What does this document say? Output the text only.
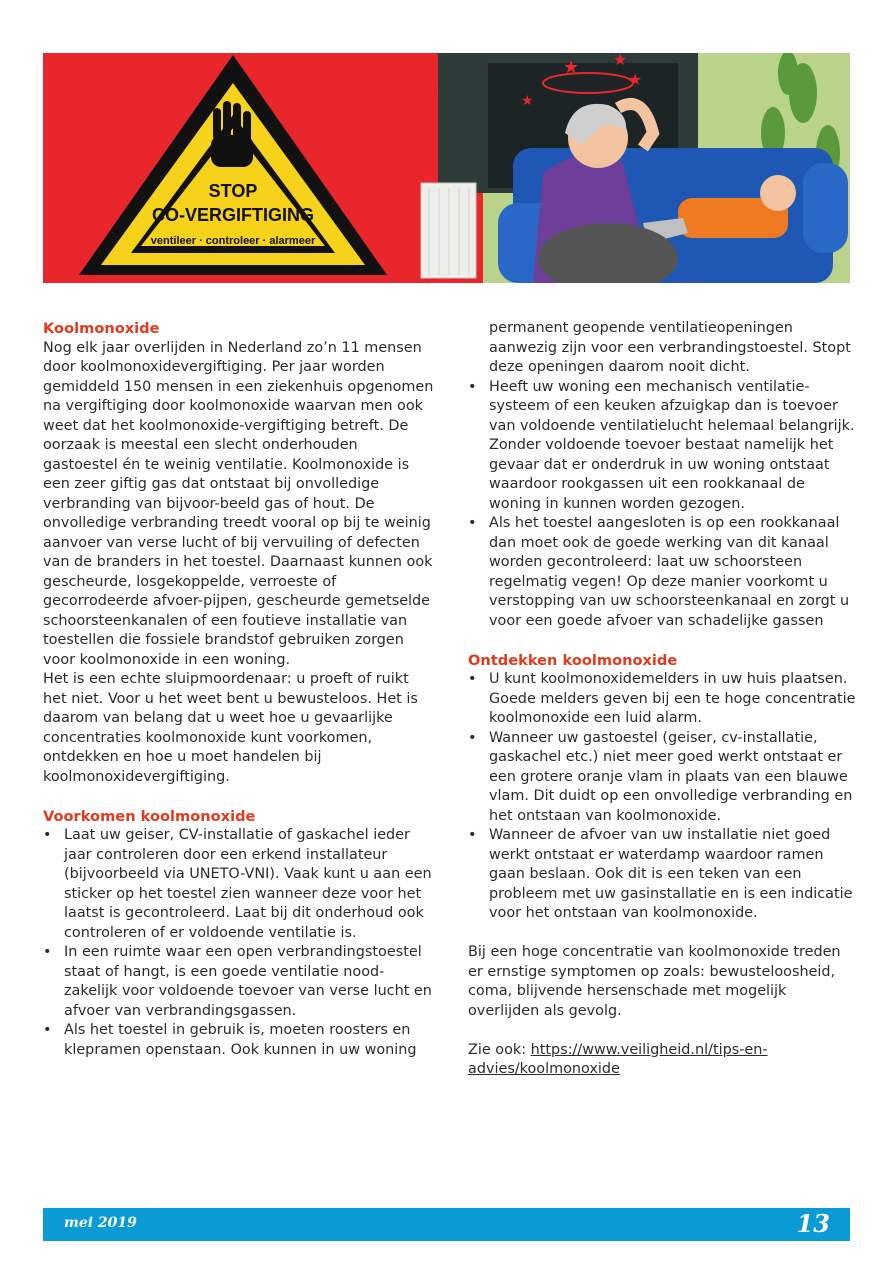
★ ★
★
★
STOP
CO-VERGIFTIGING
ventileer · controleer · alarmeer
Koolmonoxide

Nog elk jaar overlijden in Nederland zo’n 11 mensen door koolmonoxidevergiftiging. Per jaar worden gemiddeld 150 mensen in een ziekenhuis opgenomen na vergiftiging door koolmonoxide waarvan men ook weet dat het koolmonoxide-vergiftiging betreft. De oorzaak is meestal een slecht onderhouden gastoestel én te weinig ventilatie. Koolmonoxide is een zeer giftig gas dat ontstaat bij onvolledige verbranding van bijvoor-beeld gas of hout. De onvolledige verbranding treedt vooral op bij te weinig aanvoer van verse lucht of bij vervuiling of defecten van de branders in het toestel. Daarnaast kunnen ook gescheurde, losgekoppelde, verroeste of gecorrodeerde afvoer-pijpen, gescheurde gemetselde schoorsteenkanalen of een foutieve installatie van toestellen die fossiele brandstof gebruiken zorgen voor koolmonoxide in een woning.

Het is een echte sluipmoordenaar: u proeft of ruikt het niet. Voor u het weet bent u bewusteloos. Het is daarom van belang dat u weet hoe u gevaarlijke concentraties koolmonoxide kunt voorkomen, ontdekken en hoe u moet handelen bij koolmonoxidevergiftiging.

Voorkomen koolmonoxide
• Laat uw geiser, CV-installatie of gaskachel ieder jaar controleren door een erkend installateur (bijvoorbeeld via UNETO-VNI). Vaak kunt u aan een sticker op het toestel zien wanneer deze voor het laatst is gecontroleerd. Laat bij dit onderhoud ook controleren of er voldoende ventilatie is.
• In een ruimte waar een open verbrandingstoestel staat of hangt, is een goede ventilatie nood-zakelijk voor voldoende toevoer van verse lucht en afvoer van verbrandingsgassen.
• Als het toestel in gebruik is, moeten roosters en klepramen openstaan. Ook kunnen in uw woning

permanent geopende ventilatieopeningen aanwezig zijn voor een verbrandingstoestel. Stopt deze openingen daarom nooit dicht.

• Heeft uw woning een mechanisch ventilatie-systeem of een keuken afzuigkap dan is toevoer van voldoende ventilatielucht helemaal belangrijk. Zonder voldoende toevoer bestaat namelijk het gevaar dat er onderdruk in uw woning ontstaat waardoor rookgassen uit een rookkanaal de woning in kunnen worden gezogen.
• Als het toestel aangesloten is op een rookkanaal dan moet ook de goede werking van dit kanaal worden gecontroleerd: laat uw schoorsteen regelmatig vegen! Op deze manier voorkomt u verstopping van uw schoorsteenkanaal en zorgt u voor een goede afvoer van schadelijke gassen
Ontdekken koolmonoxide
• U kunt koolmonoxidemelders in uw huis plaatsen. Goede melders geven bij een te hoge concentratie koolmonoxide een luid alarm.
• Wanneer uw gastoestel (geiser, cv-installatie, gaskachel etc.) niet meer goed werkt ontstaat er een grotere oranje vlam in plaats van een blauwe vlam. Dit duidt op een onvolledige verbranding en het ontstaan van koolmonoxide.
• Wanneer de afvoer van uw installatie niet goed werkt ontstaat er waterdamp waardoor ramen gaan beslaan. Ook dit is een teken van een probleem met uw gasinstallatie en is een indicatie voor het ontstaan van koolmonoxide.

Bij een hoge concentratie van koolmonoxide treden er ernstige symptomen op zoals: bewusteloosheid, coma, blijvende hersenschade met mogelijk overlijden als gevolg.

Zie ook: https://www.veiligheid.nl/tips-en-advies/koolmonoxide

mei 2019	13
